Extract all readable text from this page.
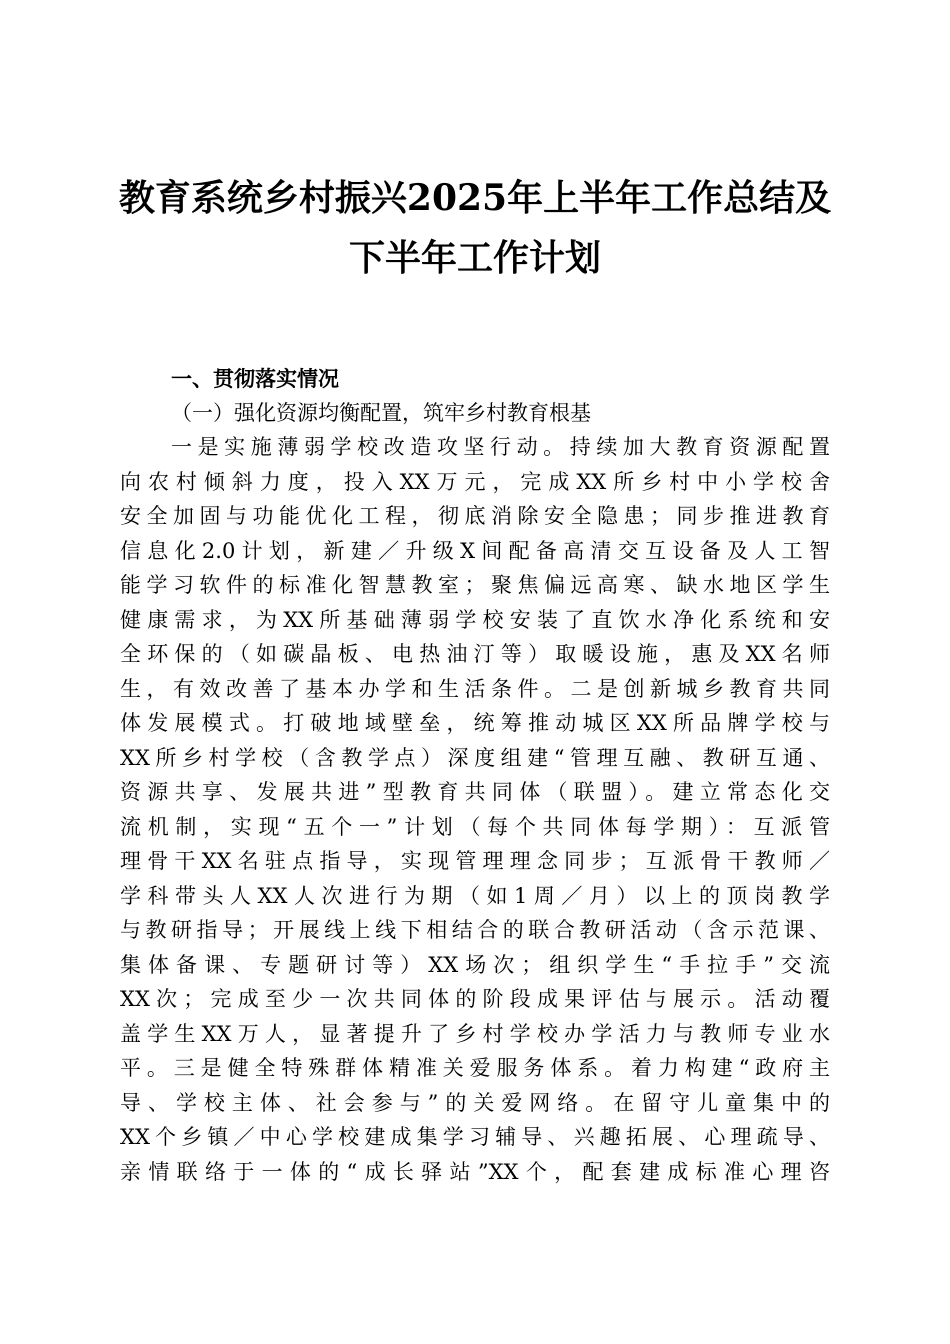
教育系统乡村振兴2025年上半年工作总结及
下半年工作计划

一、贯彻落实情况

（一）强化资源均衡配置，筑牢乡村教育根基

一是实施薄弱学校改造攻坚行动。持续加大教育资源配置
向农村倾斜力度，投入XX万元，完成XX所乡村中小学校舍
安全加固与功能优化工程，彻底消除安全隐患；同步推进教育
信息化2.0计划，新建／升级X间配备高清交互设备及人工智
能学习软件的标准化智慧教室；聚焦偏远高寒、缺水地区学生
健康需求，为XX所基础薄弱学校安装了直饮水净化系统和安
全环保的（如碳晶板、电热油汀等）取暖设施，惠及XX名师
生，有效改善了基本办学和生活条件。二是创新城乡教育共同
体发展模式。打破地域壁垒，统筹推动城区XX所品牌学校与
XX所乡村学校（含教学点）深度组建“管理互融、教研互通、
资源共享、发展共进”型教育共同体（联盟）。建立常态化交
流机制，实现“五个一”计划（每个共同体每学期）：互派管
理骨干XX名驻点指导，实现管理理念同步；互派骨干教师／
学科带头人XX人次进行为期（如1周／月）以上的顶岗教学
与教研指导；开展线上线下相结合的联合教研活动（含示范课、
集体备课、专题研讨等）XX场次；组织学生“手拉手”交流
XX次；完成至少一次共同体的阶段成果评估与展示。活动覆
盖学生XX万人，显著提升了乡村学校办学活力与教师专业水
平。三是健全特殊群体精准关爱服务体系。着力构建“政府主
导、学校主体、社会参与”的关爱网络。在留守儿童集中的
XX个乡镇／中心学校建成集学习辅导、兴趣拓展、心理疏导、
亲情联络于一体的“成长驿站”XX个，配套建成标准心理咨
